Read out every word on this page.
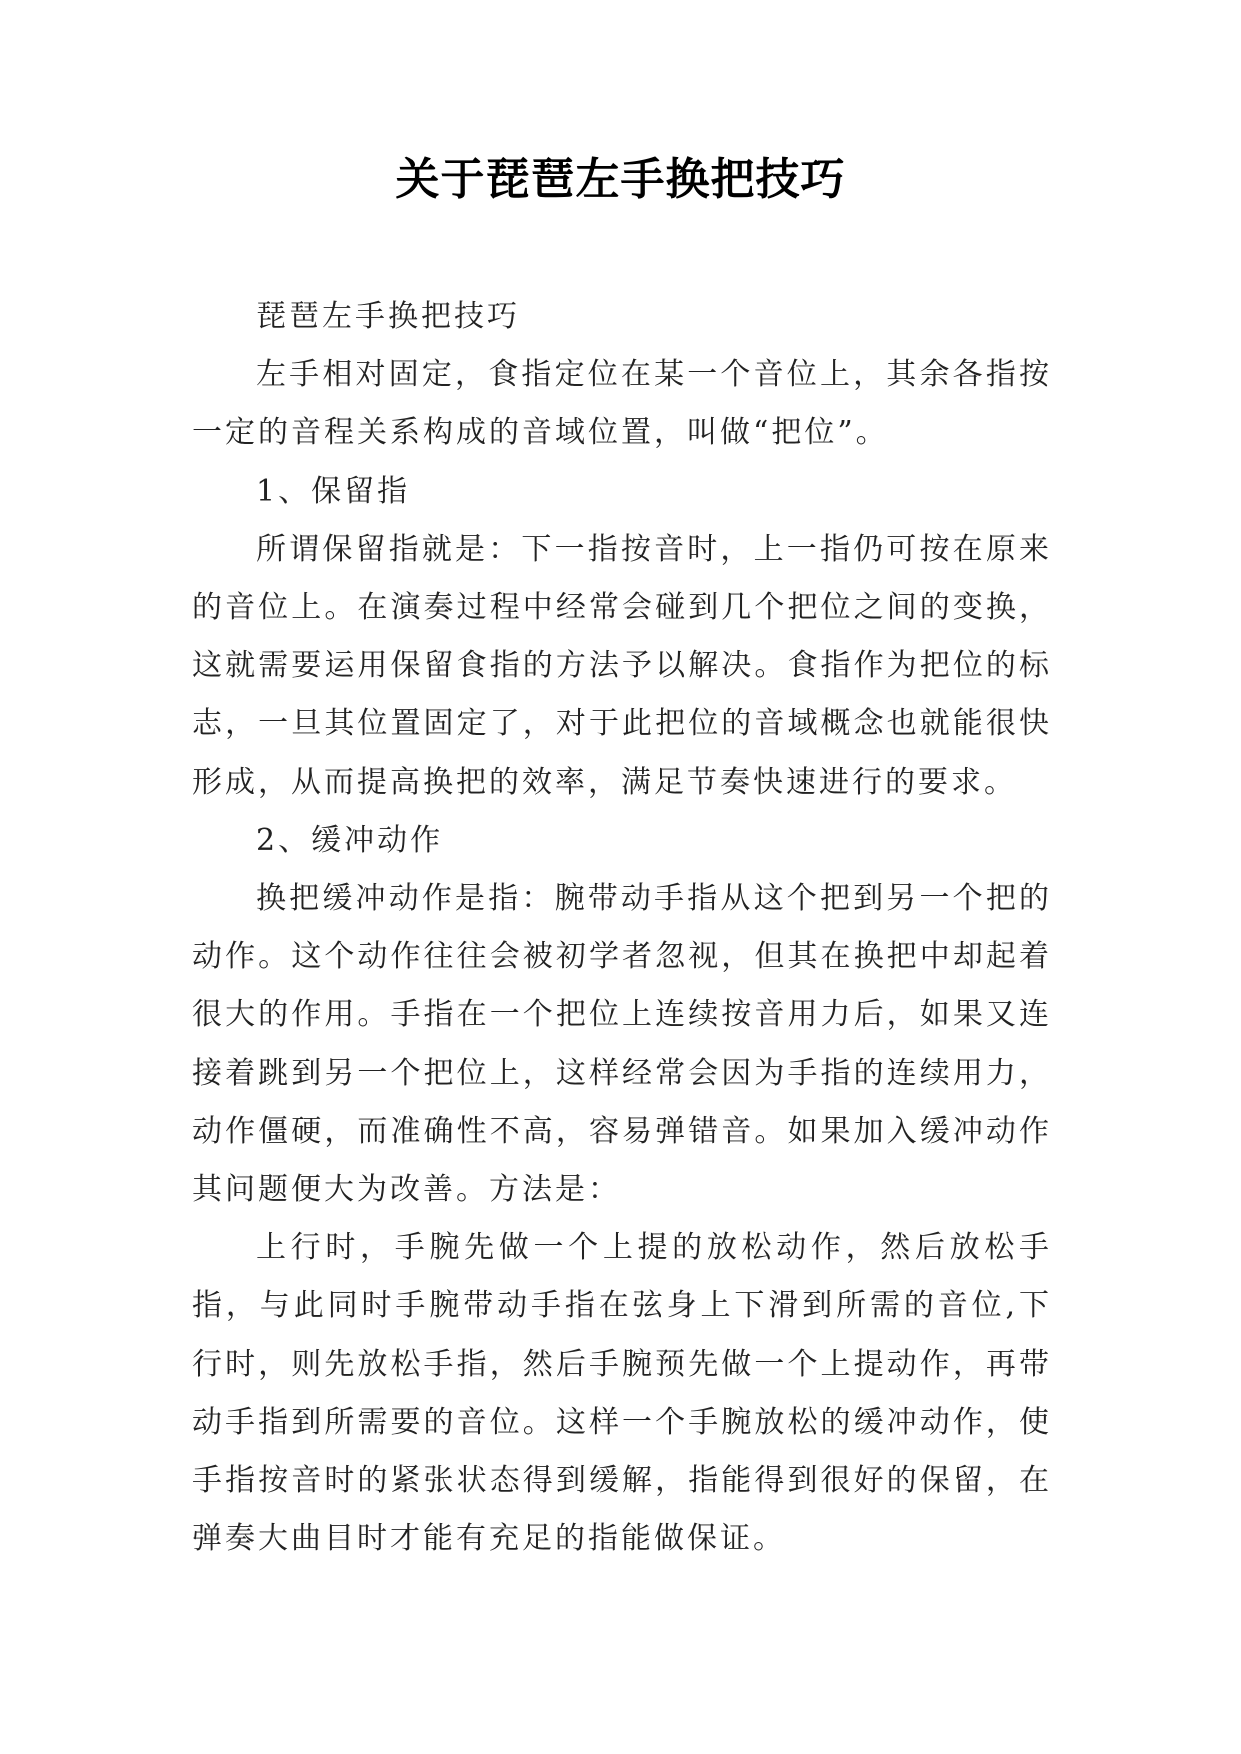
关于琵琶左手换把技巧

琵琶左手换把技巧

左手相对固定，食指定位在某一个音位上，其余各指按一定的音程关系构成的音域位置，叫做“把位”。

1、保留指

所谓保留指就是：下一指按音时，上一指仍可按在原来的音位上。在演奏过程中经常会碰到几个把位之间的变换，这就需要运用保留食指的方法予以解决。食指作为把位的标志，一旦其位置固定了，对于此把位的音域概念也就能很快形成，从而提高换把的效率，满足节奏快速进行的要求。

2、缓冲动作

换把缓冲动作是指：腕带动手指从这个把到另一个把的动作。这个动作往往会被初学者忽视，但其在换把中却起着很大的作用。手指在一个把位上连续按音用力后，如果又连接着跳到另一个把位上，这样经常会因为手指的连续用力，动作僵硬，而准确性不高，容易弹错音。如果加入缓冲动作其问题便大为改善。方法是：

上行时，手腕先做一个上提的放松动作，然后放松手指，与此同时手腕带动手指在弦身上下滑到所需的音位,下行时，则先放松手指，然后手腕预先做一个上提动作，再带动手指到所需要的音位。这样一个手腕放松的缓冲动作，使手指按音时的紧张状态得到缓解，指能得到很好的保留，在弹奏大曲目时才能有充足的指能做保证。
